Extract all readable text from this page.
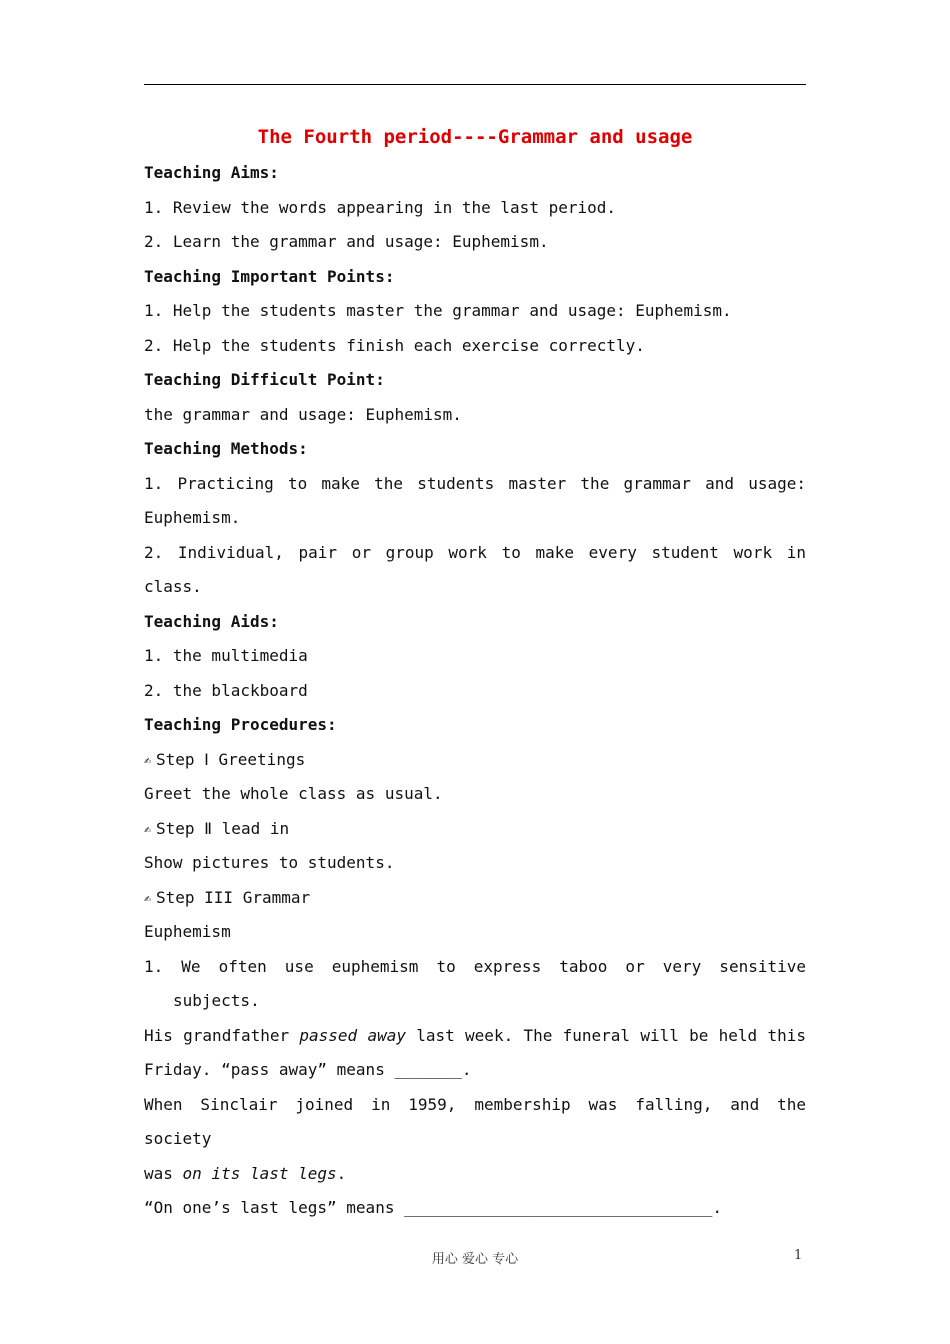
The Fourth period----Grammar and usage
Teaching Aims:
1. Review the words appearing in the last period.
2. Learn the grammar and usage: Euphemism.
Teaching Important Points:
1. Help the students master the grammar and usage: Euphemism.
2. Help the students finish each exercise correctly.
Teaching Difficult Point:
the grammar and usage: Euphemism.
Teaching Methods:
1. Practicing to make the students master the grammar and usage:
Euphemism.
2. Individual, pair or group work to make every student work in
class.
Teaching Aids:
1. the multimedia
2. the blackboard
Teaching Procedures:
✍ Step Ⅰ Greetings
Greet the whole class as usual.
✍ Step Ⅱ lead in
Show pictures to students.
✍ Step III Grammar
Euphemism
1. We often use euphemism to express taboo or very sensitive
subjects.
His grandfather passed away last week. The funeral will be held this
Friday. “pass away” means _______.
When Sinclair joined in 1959, membership was falling, and the society
was on its last legs.
“On one’s last legs” means ________________________________.
用心 爱心 专心	1
